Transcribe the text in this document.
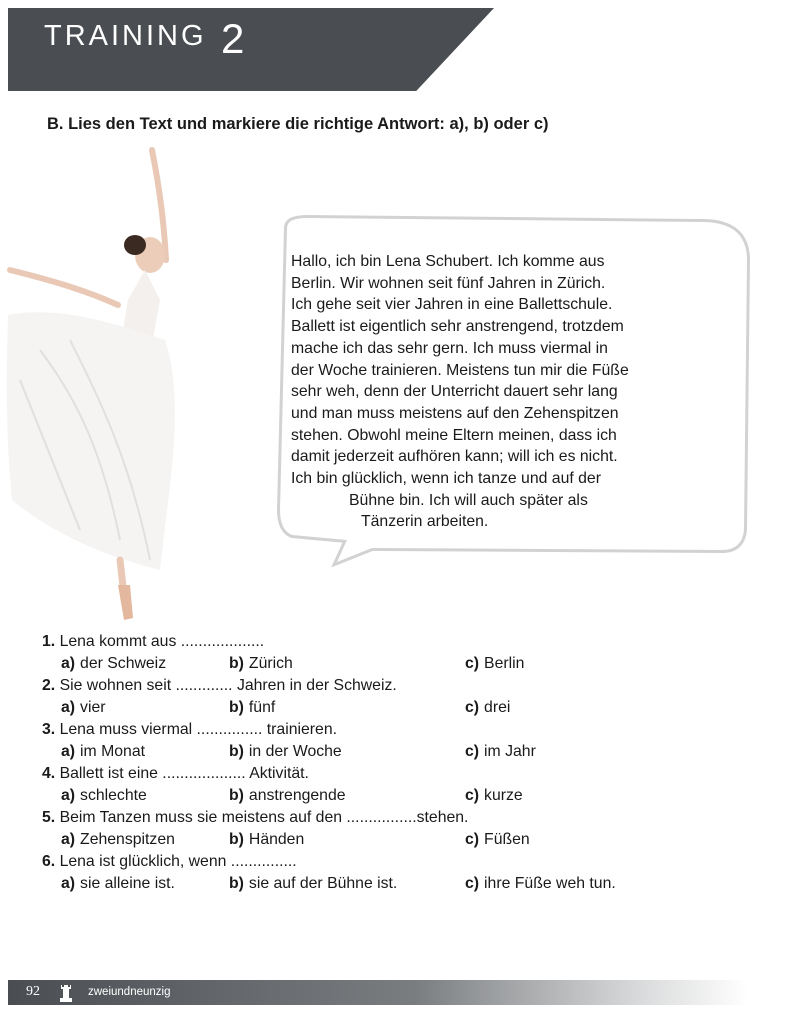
TRAINING 2
B. Lies den Text und markiere die richtige Antwort: a), b) oder c)
Hallo, ich bin Lena Schubert. Ich komme aus
Berlin. Wir wohnen seit fünf Jahren in Zürich.
Ich gehe seit vier Jahren in eine Ballettschule.
Ballett ist eigentlich sehr anstrengend, trotzdem
mache ich das sehr gern. Ich muss viermal in
der Woche trainieren. Meistens tun mir die Füße
sehr weh, denn der Unterricht dauert sehr lang
und man muss meistens auf den Zehenspitzen
stehen. Obwohl meine Eltern meinen, dass ich
damit jederzeit aufhören kann; will ich es nicht.
Ich bin glücklich, wenn ich tanze und auf der
Bühne bin. Ich will auch später als
Tänzerin arbeiten.
1. Lena kommt aus ...................
a) der Schweiz	b) Zürich	c) Berlin
2. Sie wohnen seit ............. Jahren in der Schweiz.
a) vier	b) fünf	c) drei
3. Lena muss viermal ............... trainieren.
a) im Monat	b) in der Woche	c) im Jahr
4. Ballett ist eine ................... Aktivität.
a) schlechte	b) anstrengende	c) kurze
5. Beim Tanzen muss sie meistens auf den ................stehen.
a) Zehenspitzen	b) Händen	c) Füßen
6. Lena ist glücklich, wenn ...............
a) sie alleine ist.	b) sie auf der Bühne ist.	c) ihre Füße weh tun.
92	zweiundneunzig
